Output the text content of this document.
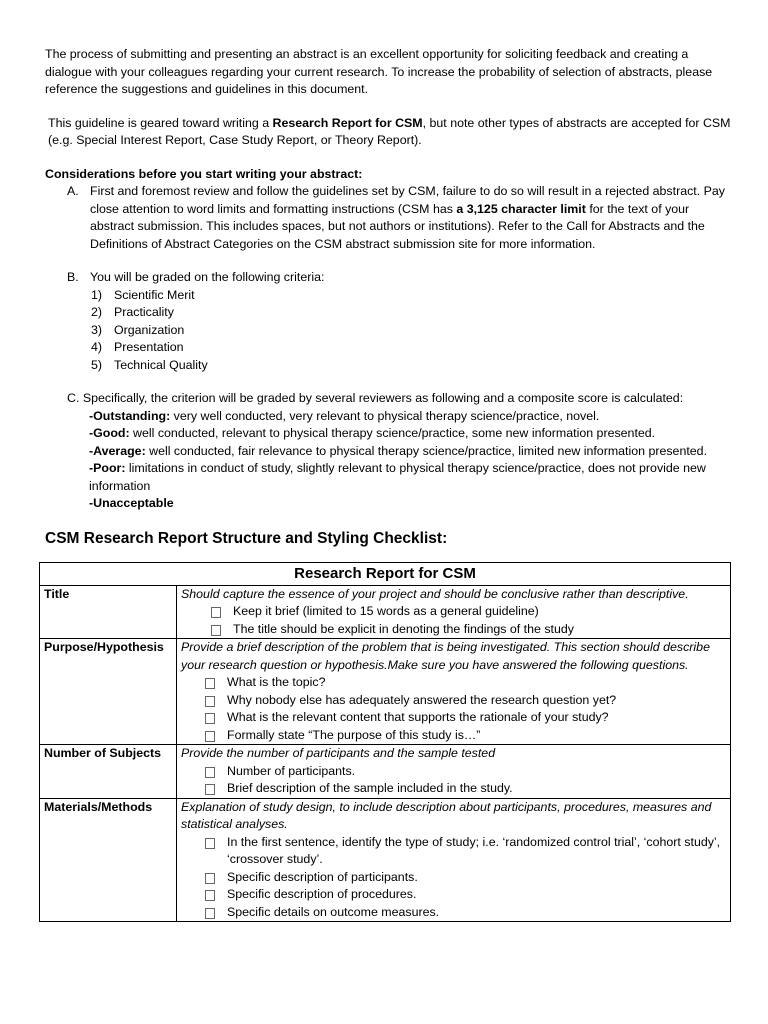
The process of submitting and presenting an abstract is an excellent opportunity for soliciting feedback and creating a dialogue with your colleagues regarding your current research. To increase the probability of selection of abstracts, please reference the suggestions and guidelines in this document.

This guideline is geared toward writing a Research Report for CSM, but note other types of abstracts are accepted for CSM (e.g. Special Interest Report, Case Study Report, or Theory Report).

Considerations before you start writing your abstract:

A. First and foremost review and follow the guidelines set by CSM, failure to do so will result in a rejected abstract. Pay close attention to word limits and formatting instructions (CSM has a 3,125 character limit for the text of your abstract submission. This includes spaces, but not authors or institutions). Refer to the Call for Abstracts and the Definitions of Abstract Categories on the CSM abstract submission site for more information.
B. You will be graded on the following criteria:
1) Scientific Merit
2) Practicality
3) Organization
4) Presentation
5) Technical Quality

C. Specifically, the criterion will be graded by several reviewers as following and a composite score is calculated:

-Outstanding: very well conducted, very relevant to physical therapy science/practice, novel.

-Good: well conducted, relevant to physical therapy science/practice, some new information presented.

-Average: well conducted, fair relevance to physical therapy science/practice, limited new information presented.

-Poor: limitations in conduct of study, slightly relevant to physical therapy science/practice, does not provide new information

-Unacceptable

CSM Research Report Structure and Styling Checklist:
Research Report for CSM	
Title	Should capture the essence of your project and should be conclusive rather than descriptive.
Keep it brief (limited to 15 words as a general guideline)
The title should be explicit in denoting the findings of the study

Purpose/Hypothesis	Provide a brief description of the problem that is being investigated. This section should describe your research question or hypothesis.Make sure you have answered the following questions.
What is the topic?
Why nobody else has adequately answered the research question yet?
What is the relevant content that supports the rationale of your study?
Formally state “The purpose of this study is…”

Number of Subjects	Provide the number of participants and the sample tested
Number of participants.
Brief description of the sample included in the study.

Materials/Methods	Explanation of study design, to include description about participants, procedures, measures and statistical analyses.
In the first sentence, identify the type of study; i.e. ‘randomized control trial’, ‘cohort study’, ‘crossover study’.
Specific description of participants.
Specific description of procedures.
Specific details on outcome measures.
